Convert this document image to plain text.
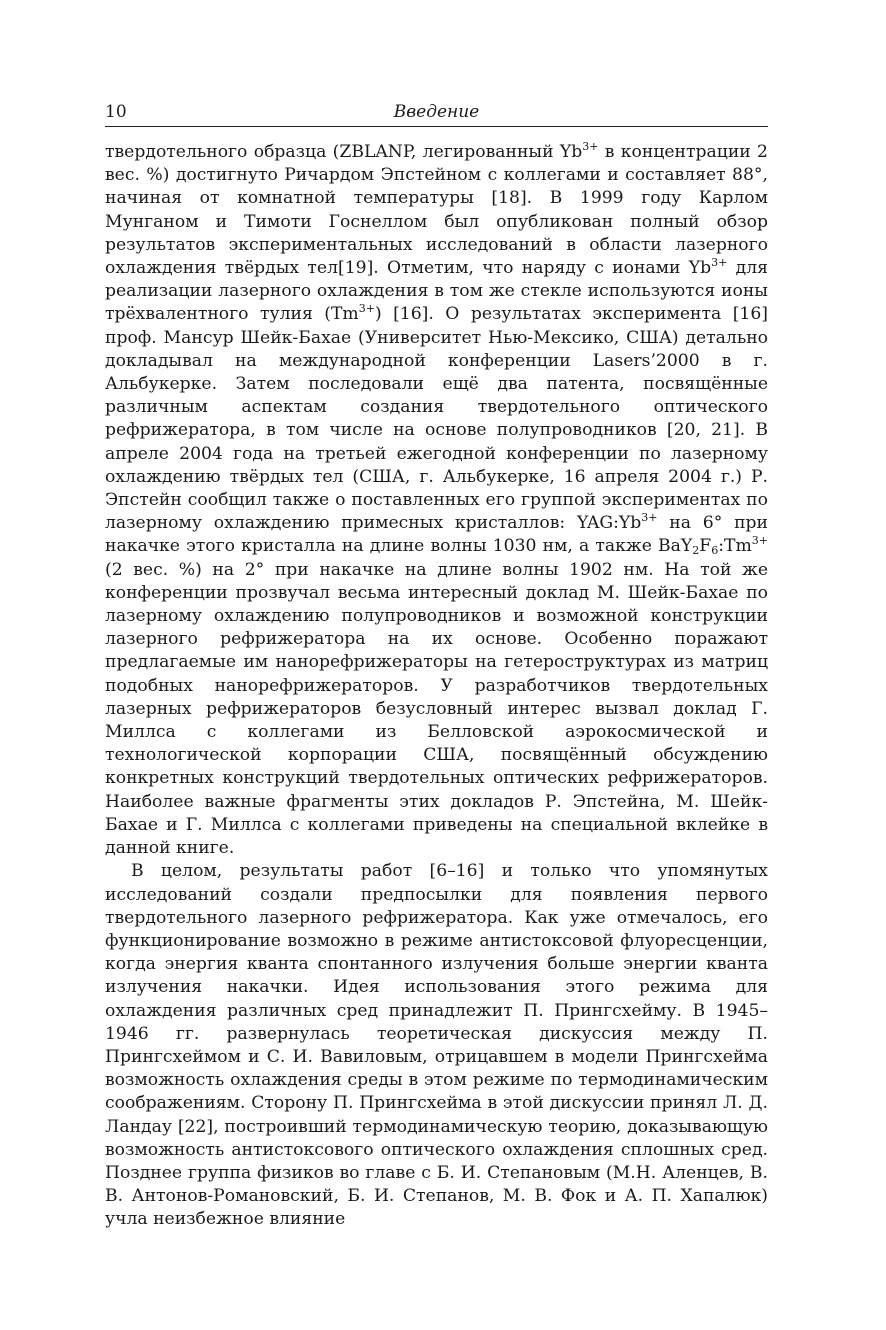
10	Введение

твердотельного образца (ZBLANP, легированный $Yb^{3+}$ в концентрации 2 вес. %) достигнуто Ричардом Эпстейном с коллегами и составляет 88°, начиная от комнатной температуры [18]. В 1999 году Карлом Мунганом и Тимоти Госнеллом был опубликован полный обзор результатов экспериментальных исследований в области лазерного охлаждения твёрдых тел[19]. Отметим, что наряду с ионами $Yb^{3+}$ для реализации лазерного охлаждения в том же стекле используются ионы трёхвалентного тулия $(Tm^{3+})$ [16]. О результатах эксперимента [16] проф. Мансур Шейк-Бахае (Университет Нью-Мексико, США) детально докладывал на международной конференции Lasers’2000 в г. Альбукерке. Затем последовали ещё два патента, посвящённые различным аспектам создания твердотельного оптического рефрижератора, в том числе на основе полупроводников [20, 21]. В апреле 2004 года на третьей ежегодной конференции по лазерному охлаждению твёрдых тел (США, г. Альбукерке, 16 апреля 2004 г.) Р. Эпстейн сообщил также о поставленных его группой экспериментах по лазерному охлаждению примесных кристаллов: $YAG:Yb^{3+}$ на 6° при накачке этого кристалла на длине волны 1030 нм, а также $BaY_2F_6:Tm^{3+}$ (2 вес. %) на 2° при накачке на длине волны 1902 нм. На той же конференции прозвучал весьма интересный доклад М. Шейк-Бахае по лазерному охлаждению полупроводников и возможной конструкции лазерного рефрижератора на их основе. Особенно поражают предлагаемые им нанорефрижераторы на гетероструктурах из матриц подобных нанорефрижераторов. У разработчиков твердотельных лазерных рефрижераторов безусловный интерес вызвал доклад Г. Миллса с коллегами из Белловской аэрокосмической и технологической корпорации США, посвящённый обсуждению конкретных конструкций твердотельных оптических рефрижераторов. Наиболее важные фрагменты этих докладов Р. Эпстейна, М. Шейк-Бахае и Г. Миллса с коллегами приведены на специальной вклейке в данной книге.

В целом, результаты работ [6–16] и только что упомянутых исследований создали предпосылки для появления первого твердотельного лазерного рефрижератора. Как уже отмечалось, его функционирование возможно в режиме антистоксовой флуоресценции, когда энергия кванта спонтанного излучения больше энергии кванта излучения накачки. Идея использования этого режима для охлаждения различных сред принадлежит П. Прингсхейму. В 1945–1946 гг. развернулась теоретическая дискуссия между П. Прингсхеймом и С. И. Вавиловым, отрицавшем в модели Прингсхейма возможность охлаждения среды в этом режиме по термодинамическим соображениям. Сторону П. Прингсхейма в этой дискуссии принял Л. Д. Ландау [22], построивший термодинамическую теорию, доказывающую возможность антистоксового оптического охлаждения сплошных сред. Позднее группа физиков во главе с Б. И. Степановым (М.Н. Аленцев, В. В. Антонов-Романовский, Б. И. Степанов, М. В. Фок и А. П. Хапалюк) учла неизбежное влияние
